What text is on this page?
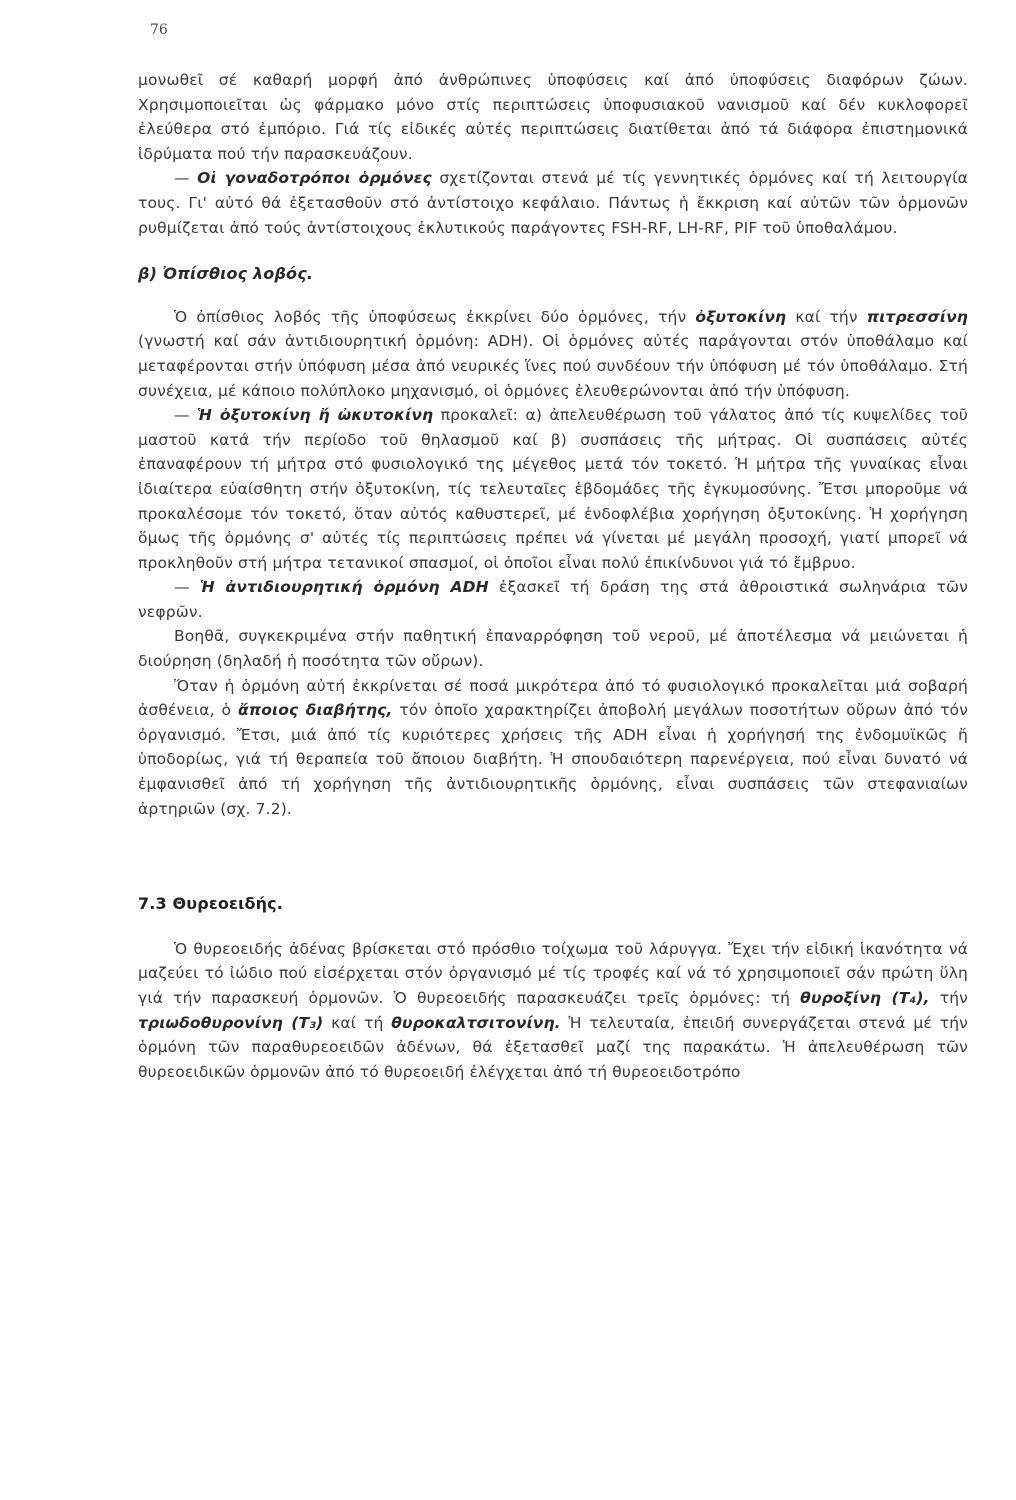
76

μονωθεῖ σέ καθαρή μορφή ἀπό ἀνθρώπινες ὑποφύσεις καί ἀπό ὑποφύσεις διαφόρων ζώων. Χρησιμοποιεῖται ὡς φάρμακο μόνο στίς περιπτώσεις ὑποφυσιακοῦ νανισμοῦ καί δέν κυκλοφορεῖ ἐλεύθερα στό ἐμπόριο. Γιά τίς εἰδικές αὐτές περιπτώσεις διατίθεται ἀπό τά διάφορα ἐπιστημονικά ἱδρύματα πού τήν παρασκευάζουν.

— Οἱ γοναδοτρόποι ὁρμόνες σχετίζονται στενά μέ τίς γεννητικές ὁρμόνες καί τή λειτουργία τους. Γι' αὐτό θά ἐξετασθοῦν στό ἀντίστοιχο κεφάλαιο. Πάντως ἡ ἔκκριση καί αὐτῶν τῶν ὁρμονῶν ρυθμίζεται ἀπό τούς ἀντίστοιχους ἐκλυτικούς παράγοντες FSH-RF, LH-RF, PIF τοῦ ὑποθαλάμου.

β) Ὀπίσθιος λοβός.

Ὁ ὀπίσθιος λοβός τῆς ὑποφύσεως ἐκκρίνει δύο ὁρμόνες, τήν ὀξυτοκίνη καί τήν πιτρεσσίνη (γνωστή καί σάν ἀντιδιουρητική ὁρμόνη: ADH). Οἱ ὁρμόνες αὐτές παράγονται στόν ὑποθάλαμο καί μεταφέρονται στήν ὑπόφυση μέσα ἀπό νευρικές ἵνες πού συνδέουν τήν ὑπόφυση μέ τόν ὑποθάλαμο. Στή συνέχεια, μέ κάποιο πολύπλοκο μηχανισμό, οἱ ὁρμόνες ἐλευθερώνονται ἀπό τήν ὑπόφυση.

— Ἡ ὀξυτοκίνη ἤ ὠκυτοκίνη προκαλεῖ: α) ἀπελευθέρωση τοῦ γάλατος ἀπό τίς κυψελίδες τοῦ μαστοῦ κατά τήν περίοδο τοῦ θηλασμοῦ καί β) συσπάσεις τῆς μήτρας. Οἱ συσπάσεις αὐτές ἐπαναφέρουν τή μήτρα στό φυσιολογικό της μέγεθος μετά τόν τοκετό. Ἡ μήτρα τῆς γυναίκας εἶναι ἰδιαίτερα εὐαίσθητη στήν ὀξυτοκίνη, τίς τελευταῖες ἑβδομάδες τῆς ἐγκυμοσύνης. Ἔτσι μποροῦμε νά προκαλέσομε τόν τοκετό, ὅταν αὐτός καθυστερεῖ, μέ ἐνδοφλέβια χορήγηση ὀξυτοκίνης. Ἡ χορήγηση ὅμως τῆς ὁρμόνης σ' αὐτές τίς περιπτώσεις πρέπει νά γίνεται μέ μεγάλη προσοχή, γιατί μπορεῖ νά προκληθοῦν στή μήτρα τετανικοί σπασμοί, οἱ ὁποῖοι εἶναι πολύ ἐπικίνδυνοι γιά τό ἔμβρυο.

— Ἡ ἀντιδιουρητική ὁρμόνη ADH ἐξασκεῖ τή δράση της στά ἀθροιστικά σωληνάρια τῶν νεφρῶν.

Βοηθᾶ, συγκεκριμένα στήν παθητική ἐπαναρρόφηση τοῦ νεροῦ, μέ ἀποτέλεσμα νά μειώνεται ἡ διούρηση (δηλαδή ἡ ποσότητα τῶν οὔρων).

Ὅταν ἡ ὁρμόνη αὐτή ἐκκρίνεται σέ ποσά μικρότερα ἀπό τό φυσιολογικό προκαλεῖται μιά σοβαρή ἀσθένεια, ὁ ἄποιος διαβήτης, τόν ὁποῖο χαρακτηρίζει ἀποβολή μεγάλων ποσοτήτων οὔρων ἀπό τόν ὀργανισμό. Ἔτσι, μιά ἀπό τίς κυριότερες χρήσεις τῆς ADH εἶναι ἡ χορήγησή της ἐνδομυϊκῶς ἤ ὑποδορίως, γιά τή θεραπεία τοῦ ἄποιου διαβήτη. Ἡ σπουδαιότερη παρενέργεια, πού εἶναι δυνατό νά ἐμφανισθεῖ ἀπό τή χορήγηση τῆς ἀντιδιουρητικῆς ὁρμόνης, εἶναι συσπάσεις τῶν στεφανιαίων ἀρτηριῶν (σχ. 7.2).

7.3 Θυρεοειδής.

Ὁ θυρεοειδής ἀδένας βρίσκεται στό πρόσθιο τοίχωμα τοῦ λάρυγγα. Ἔχει τήν εἰδική ἱκανότητα νά μαζεύει τό ἰώδιο πού εἰσέρχεται στόν ὀργανισμό μέ τίς τροφές καί νά τό χρησιμοποιεῖ σάν πρώτη ὕλη γιά τήν παρασκευή ὁρμονῶν. Ὁ θυρεοειδής παρασκευάζει τρεῖς ὁρμόνες: τή θυροξίνη (T₄), τήν τριωδοθυρονίνη (T₃) καί τή θυροκαλτσιτονίνη. Ἡ τελευταία, ἐπειδή συνεργάζεται στενά μέ τήν ὁρμόνη τῶν παραθυρεοειδῶν ἀδένων, θά ἐξετασθεῖ μαζί της παρακάτω. Ἡ ἀπελευθέρωση τῶν θυρεοειδικῶν ὁρμονῶν ἀπό τό θυρεοειδή ἐλέγχεται ἀπό τή θυρεοειδοτρόπο
